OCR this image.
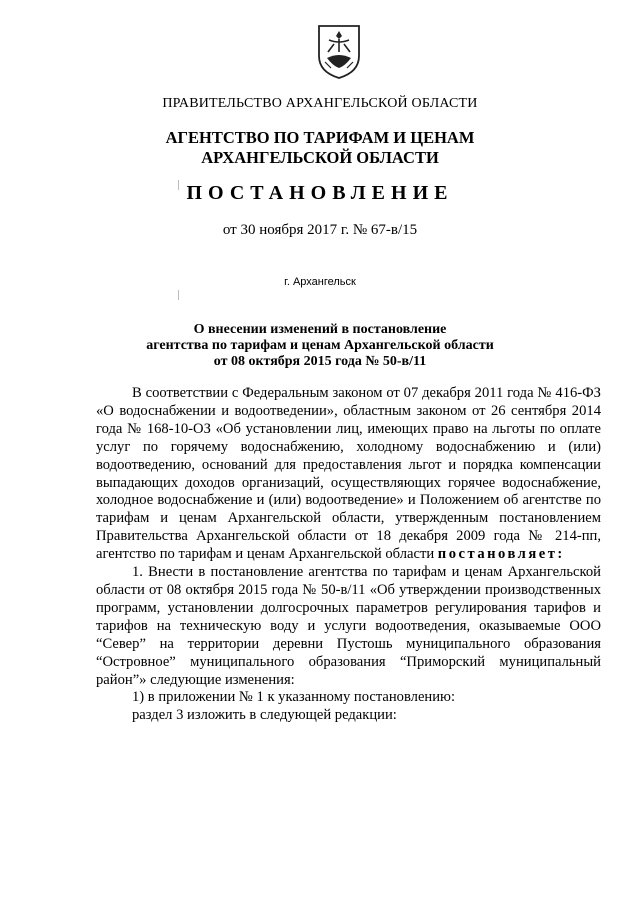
ПРАВИТЕЛЬСТВО АРХАНГЕЛЬСКОЙ ОБЛАСТИ
АГЕНТСТВО ПО ТАРИФАМ И ЦЕНАМ
АРХАНГЕЛЬСКОЙ ОБЛАСТИ
ПОСТАНОВЛЕНИЕ
от 30 ноября 2017 г. № 67-в/15
г. Архангельск
О внесении изменений в постановление
агентства по тарифам и ценам Архангельской области
от 08 октября 2015 года № 50-в/11

В соответствии с Федеральным законом от 07 декабря 2011 года № 416-ФЗ «О водоснабжении и водоотведении», областным законом от 26 сентября 2014 года № 168-10-ОЗ «Об установлении лиц, имеющих право на льготы по оплате услуг по горячему водоснабжению, холодному водоснабжению и (или) водоотведению, оснований для предоставления льгот и порядка компенсации выпадающих доходов организаций, осуществляющих горячее водоснабжение, холодное водоснабжение и (или) водоотведение» и Положением об агентстве по тарифам и ценам Архангельской области, утвержденным постановлением Правительства Архангельской области от 18 декабря 2009 года № 214-пп, агентство по тарифам и ценам Архангельской области постановляет:

1. Внести в постановление агентства по тарифам и ценам Архангельской области от 08 октября 2015 года № 50-в/11 «Об утверждении производственных программ, установлении долгосрочных параметров регулирования тарифов и тарифов на техническую воду и услуги водоотведения, оказываемые ООО “Север” на территории деревни Пустошь муниципального образования “Островное” муниципального образования “Приморский муниципальный район”» следующие изменения:

1) в приложении № 1 к указанному постановлению:

раздел 3 изложить в следующей редакции:
